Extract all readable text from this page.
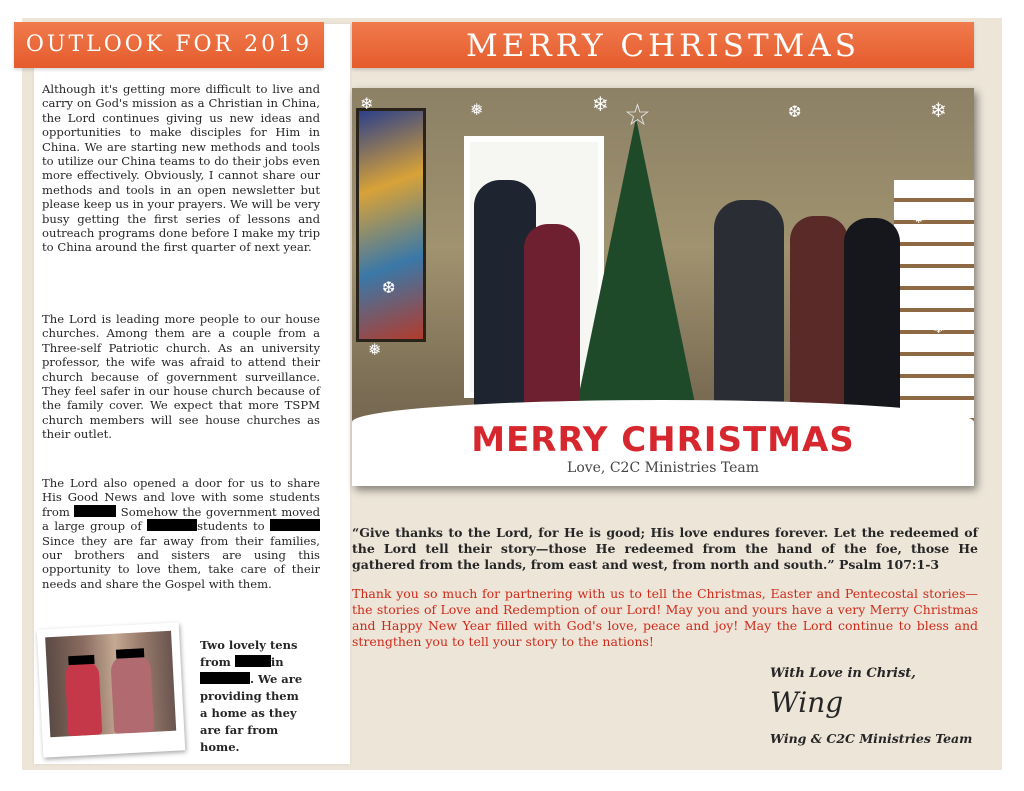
OUTLOOK FOR 2019	MERRY CHRISTMAS

Although it's getting more difficult to live and carry on God's mission as a Christian in China, the Lord continues giving us new ideas and opportunities to make disciples for Him in China. We are starting new methods and tools to utilize our China teams to do their jobs even more effectively. Obviously, I cannot share our methods and tools in an open newsletter but please keep us in your prayers. We will be very busy getting the first series of lessons and outreach programs done before I make my trip to China around the first quarter of next year.

The Lord is leading more people to our house churches. Among them are a couple from a Three-self Patriotic church. As an university professor, the wife was afraid to attend their church because of government surveillance. They feel safer in our house church because of the family cover. We expect that more TSPM church members will see house churches as their outlet.

The Lord also opened a door for us to share His Good News and love with some students from	Somehow the government moved a large group of	students to  Since they are far away from their families, our brothers and sisters are using this opportunity to love them, take care of their needs and share the Gospel with them.

Two lovely tens from	in . We are providing them a home as they are far from home.

☆
❄	❅	❄	❆	❄
❅
❆
❄
❅
MERRY CHRISTMAS
Love, C2C Ministries Team

“Give thanks to the Lord, for He is good; His love endures forever. Let the redeemed of the Lord tell their story—those He redeemed from the hand of the foe, those He gathered from the lands, from east and west, from north and south.” Psalm 107:1-3

Thank you so much for partnering with us to tell the Christmas, Easter and Pentecostal stories—the stories of Love and Redemption of our Lord! May you and yours have a very Merry Christmas and Happy New Year filled with God's love, peace and joy! May the Lord continue to bless and strengthen you to tell your story to the nations!

With Love in Christ,

Wing

Wing & C2C Ministries Team
